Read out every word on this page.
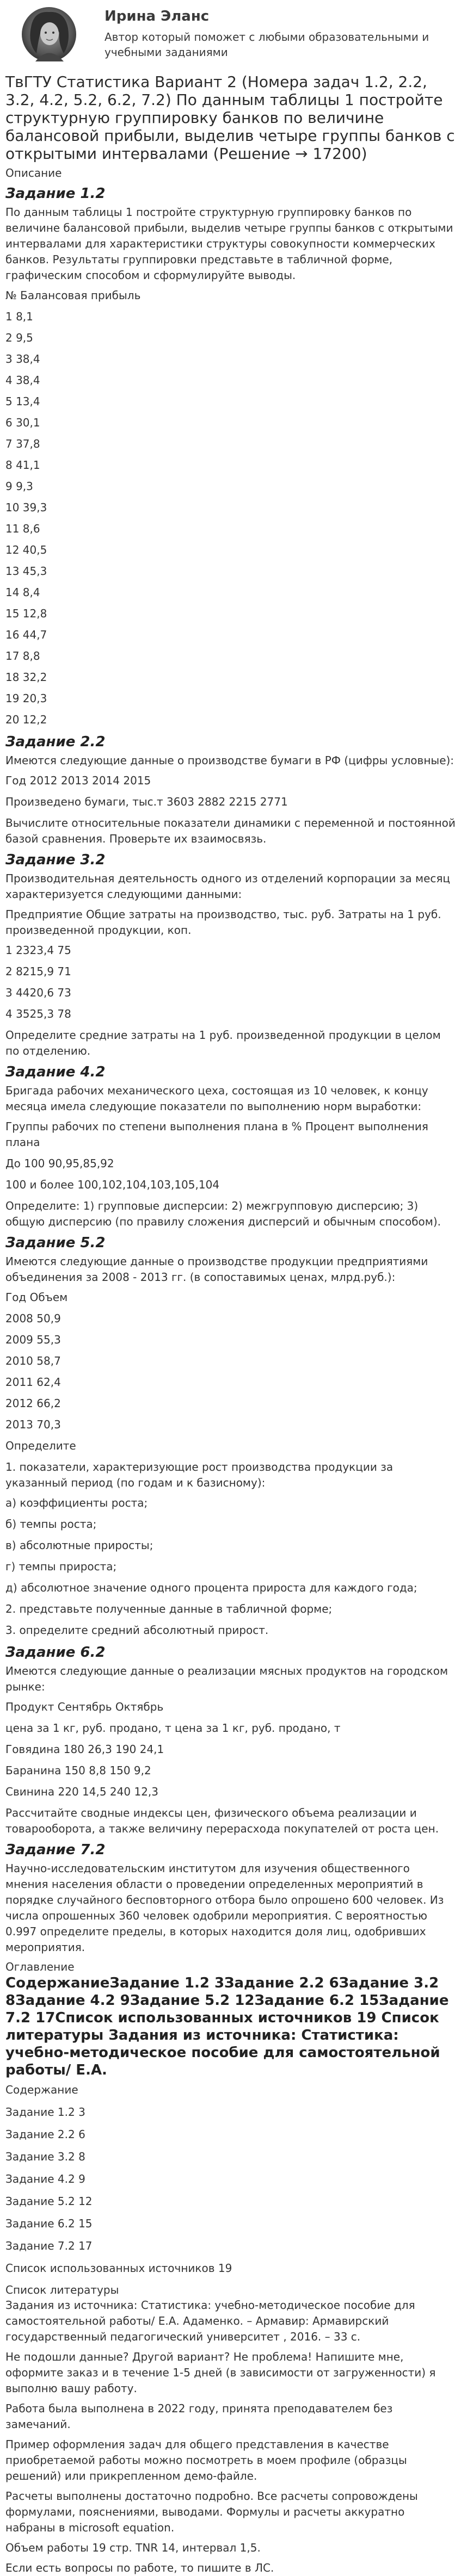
Ирина Эланс
Автор который поможет с любыми образовательными и учебными заданиями
ТвГТУ Статистика Вариант 2 (Номера задач 1.2, 2.2, 3.2, 4.2, 5.2, 6.2, 7.2) По данным таблицы 1 постройте структурную группировку банков по величине балансовой прибыли, выделив четыре группы банков с открытыми интервалами (Решение → 17200)
Описание
Задание 1.2
По данным таблицы 1 постройте структурную группировку банков по величине балансовой прибыли, выделив четыре группы банков с открытыми интервалами для характеристики структуры совокупности коммерческих банков. Результаты группировки представьте в табличной форме, графическим способом и сформулируйте выводы.
№ Балансовая прибыль
1 8,1
2 9,5
3 38,4
4 38,4
5 13,4
6 30,1
7 37,8
8 41,1
9 9,3
10 39,3
11 8,6
12 40,5
13 45,3
14 8,4
15 12,8
16 44,7
17 8,8
18 32,2
19 20,3
20 12,2
Задание 2.2
Имеются следующие данные о производстве бумаги в РФ (цифры условные):
Год 2012 2013 2014 2015
Произведено бумаги, тыс.т 3603 2882 2215 2771
Вычислите относительные показатели динамики с переменной и постоянной базой сравнения. Проверьте их взаимосвязь.
Задание 3.2
Производительная деятельность одного из отделений корпорации за месяц характеризуется следующими данными:
Предприятие Общие затраты на производство, тыс. руб. Затраты на 1 руб. произведенной продукции, коп.
1 2323,4 75
2 8215,9 71
3 4420,6 73
4 3525,3 78
Определите средние затраты на 1 руб. произведенной продукции в целом по отделению.
Задание 4.2
Бригада рабочих механического цеха, состоящая из 10 человек, к концу месяца имела следующие показатели по выполнению норм выработки:
Группы рабочих по степени выполнения плана в % Процент выполнения плана
До 100 90,95,85,92
100 и более 100,102,104,103,105,104
Определите: 1) групповые дисперсии: 2) межгрупповую дисперсию; 3) общую дисперсию (по правилу сложения дисперсий и обычным способом).
Задание 5.2
Имеются следующие данные о производстве продукции предприятиями объединения за 2008 - 2013 гг. (в сопоставимых ценах, млрд.руб.):
Год Объем
2008 50,9
2009 55,3
2010 58,7
2011 62,4
2012 66,2
2013 70,3
Определите
1. показатели, характеризующие рост производства продукции за указанный период (по годам и к базисному):
а) коэффициенты роста;
б) темпы роста;
в) абсолютные приросты;
г) темпы прироста;
д) абсолютное значение одного процента прироста для каждого года;
2. представьте полученные данные в табличной форме;
3. определите средний абсолютный прирост.
Задание 6.2
Имеются следующие данные о реализации мясных продуктов на городском рынке:
Продукт Сентябрь Октябрь
цена за 1 кг, руб. продано, т цена за 1 кг, руб. продано, т
Говядина 180 26,3 190 24,1
Баранина 150 8,8 150 9,2
Свинина 220 14,5 240 12,3
Рассчитайте сводные индексы цен, физического объема реализации и товарооборота, а также величину перерасхода покупателей от роста цен.
Задание 7.2
Научно-исследовательским институтом для изучения общественного мнения населения области о проведении определенных мероприятий в порядке случайного бесповторного отбора было опрошено 600 человек. Из числа опрошенных 360 человек одобрили мероприятия. С вероятностью 0.997 определите пределы, в которых находится доля лиц, одобривших мероприятия.
Оглавление
СодержаниеЗадание 1.2 3Задание 2.2 6Задание 3.2 8Задание 4.2 9Задание 5.2 12Задание 6.2 15Задание 7.2 17Список использованных источников 19 Список литературы Задания из источника: Статистика: учебно-методическое пособие для самостоятельной работы/ Е.А.
Содержание
Задание 1.2 3
Задание 2.2 6
Задание 3.2 8
Задание 4.2 9
Задание 5.2 12
Задание 6.2 15
Задание 7.2 17
Список использованных источников 19
Список литературы
Задания из источника: Статистика: учебно-методическое пособие для самостоятельной работы/ Е.А. Адаменко. – Армавир: Армавирский государственный педагогический университет , 2016. – 33 с.
Не подошли данные? Другой вариант? Не проблема! Напишите мне, оформите заказ и в течение 1-5 дней (в зависимости от загруженности) я выполню вашу работу.
Работа была выполнена в 2022 году, принята преподавателем без замечаний.
Пример оформления задач для общего представления в качестве приобретаемой работы можно посмотреть в моем профиле (образцы решений) или прикрепленном демо-файле.
Расчеты выполнены достаточно подробно. Все расчеты сопровождены формулами, пояснениями, выводами. Формулы и расчеты аккуратно набраны в microsoft equation.
Объем работы 19 стр. TNR 14, интервал 1,5.
Если есть вопросы по работе, то пишите в ЛС.
